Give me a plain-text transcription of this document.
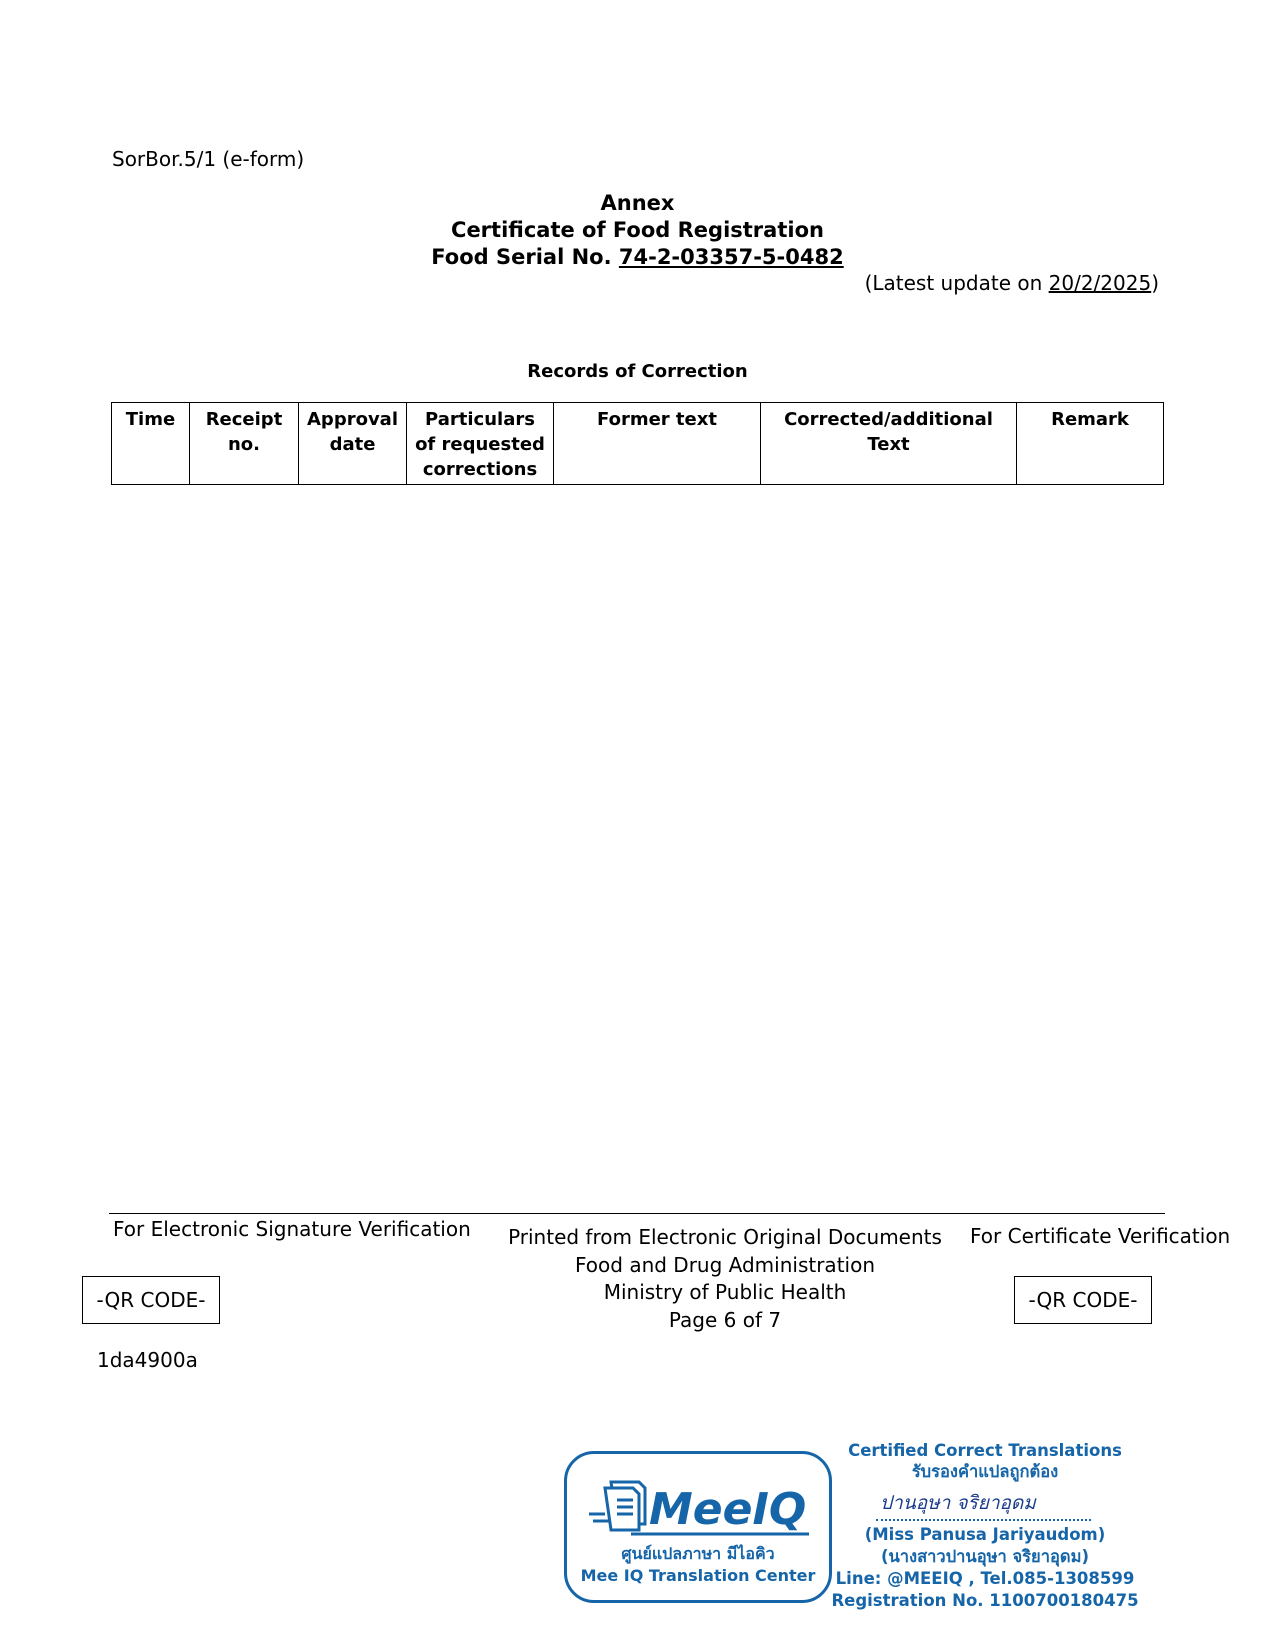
SorBor.5/1 (e-form)
Annex
Certificate of Food Registration
Food Serial No. 74-2-03357-5-0482
(Latest update on 20/2/2025)
Records of Correction
Time	Receipt no.	Approval date	Particulars of requested corrections	Former text	Corrected/additional Text	Remark
For Electronic Signature Verification	Printed from Electronic Original Documents
Food and Drug Administration
Ministry of Public Health
Page 6 of 7
For Certificate Verification
-QR CODE-	-QR CODE-
1da4900a
MeeIQ
ศูนย์แปลภาษา มีไอคิว
Mee IQ Translation Center
Certified Correct Translations
รับรองคำแปลถูกต้อง
ปานอุษา จริยาอุดม
(Miss Panusa Jariyaudom)
(นางสาวปานอุษา จริยาอุดม)
Line: @MEEIQ , Tel.085-1308599
Registration No. 1100700180475
